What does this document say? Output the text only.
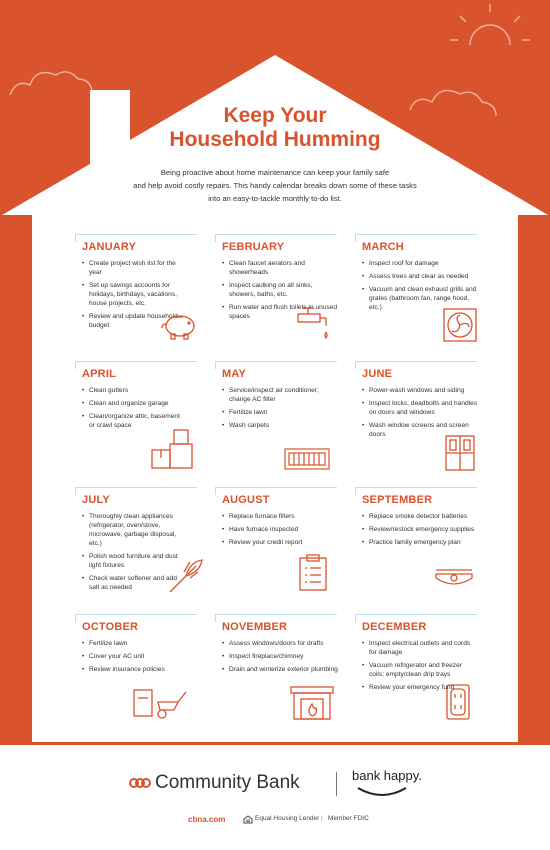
Keep Your
Household Humming
Being proactive about home maintenance can keep your family safe
and help avoid costly repairs. This handy calendar breaks down some of these tasks
into an easy-to-tackle monthly to-do list.
JANUARY
• Create project wish list for the year
• Set up savings accounts for holidays, birthdays, vacations, house projects, etc.
• Review and update household budget
FEBRUARY
• Clean faucet aerators and showerheads
• Inspect caulking on all sinks, showers, baths, etc.
• Run water and flush toilets in unused spaces
MARCH
• Inspect roof for damage
• Assess trees and clear as needed
• Vacuum and clean exhaust grills and grates (bathroom fan, range hood, etc.)
APRIL
• Clean gutters
• Clean and organize garage
• Clean/organize attic, basement or crawl space
MAY
• Service/inspect air conditioner; change AC filter
• Fertilize lawn
• Wash carpets
JUNE
• Power-wash windows and siding
• Inspect locks, deadbolts and handles on doors and windows
• Wash window screens and screen doors
JULY
• Thoroughly clean appliances (refrigerator, oven/stove, microwave, garbage disposal, etc.)
• Polish wood furniture and dust light fixtures
• Check water softener and add salt as needed
AUGUST
• Replace furnace filters
• Have furnace inspected
• Review your credit report
SEPTEMBER
• Replace smoke detector batteries
• Review/restock emergency supplies
• Practice family emergency plan
OCTOBER
• Fertilize lawn
• Cover your AC unit
• Review insurance policies
NOVEMBER
• Assess windows/doors for drafts
• Inspect fireplace/chimney
• Drain and winterize exterior plumbing
DECEMBER
• Inspect electrical outlets and cords for damage
• Vacuum refrigerator and freezer coils; empty/clean drip trays
• Review your emergency fund
Community Bank	bank happy.
cbna.com	Equal Housing Lender | Member FDIC
